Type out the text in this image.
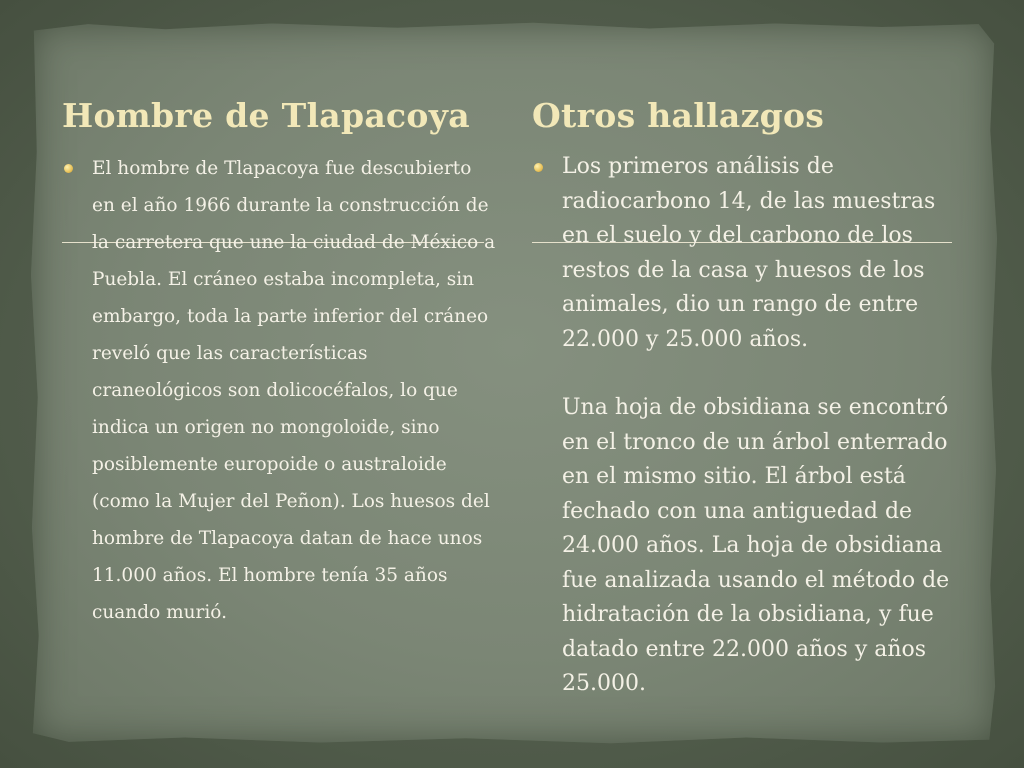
Hombre de Tlapacoya Otros hallazgos

El hombre de Tlapacoya fue descubierto en el año 1966 durante la construcción de la carretera que une la ciudad de México a Puebla. El cráneo estaba incompleta, sin embargo, toda la parte inferior del cráneo reveló que las características craneológicos son dolicocéfalos, lo que indica un origen no mongoloide, sino posiblemente europoide o australoide (como la Mujer del Peñon). Los huesos del hombre de Tlapacoya datan de hace unos 11.000 años. El hombre tenía 35 años cuando murió.

Los primeros análisis de radiocarbono 14, de las muestras en el suelo y del carbono de los restos de la casa y huesos de los animales, dio un rango de entre 22.000 y 25.000 años.

Una hoja de obsidiana se encontró en el tronco de un árbol enterrado en el mismo sitio. El árbol está fechado con una antiguedad de 24.000 años. La hoja de obsidiana fue analizada usando el método de hidratación de la obsidiana, y fue datado entre 22.000 años y años 25.000.
